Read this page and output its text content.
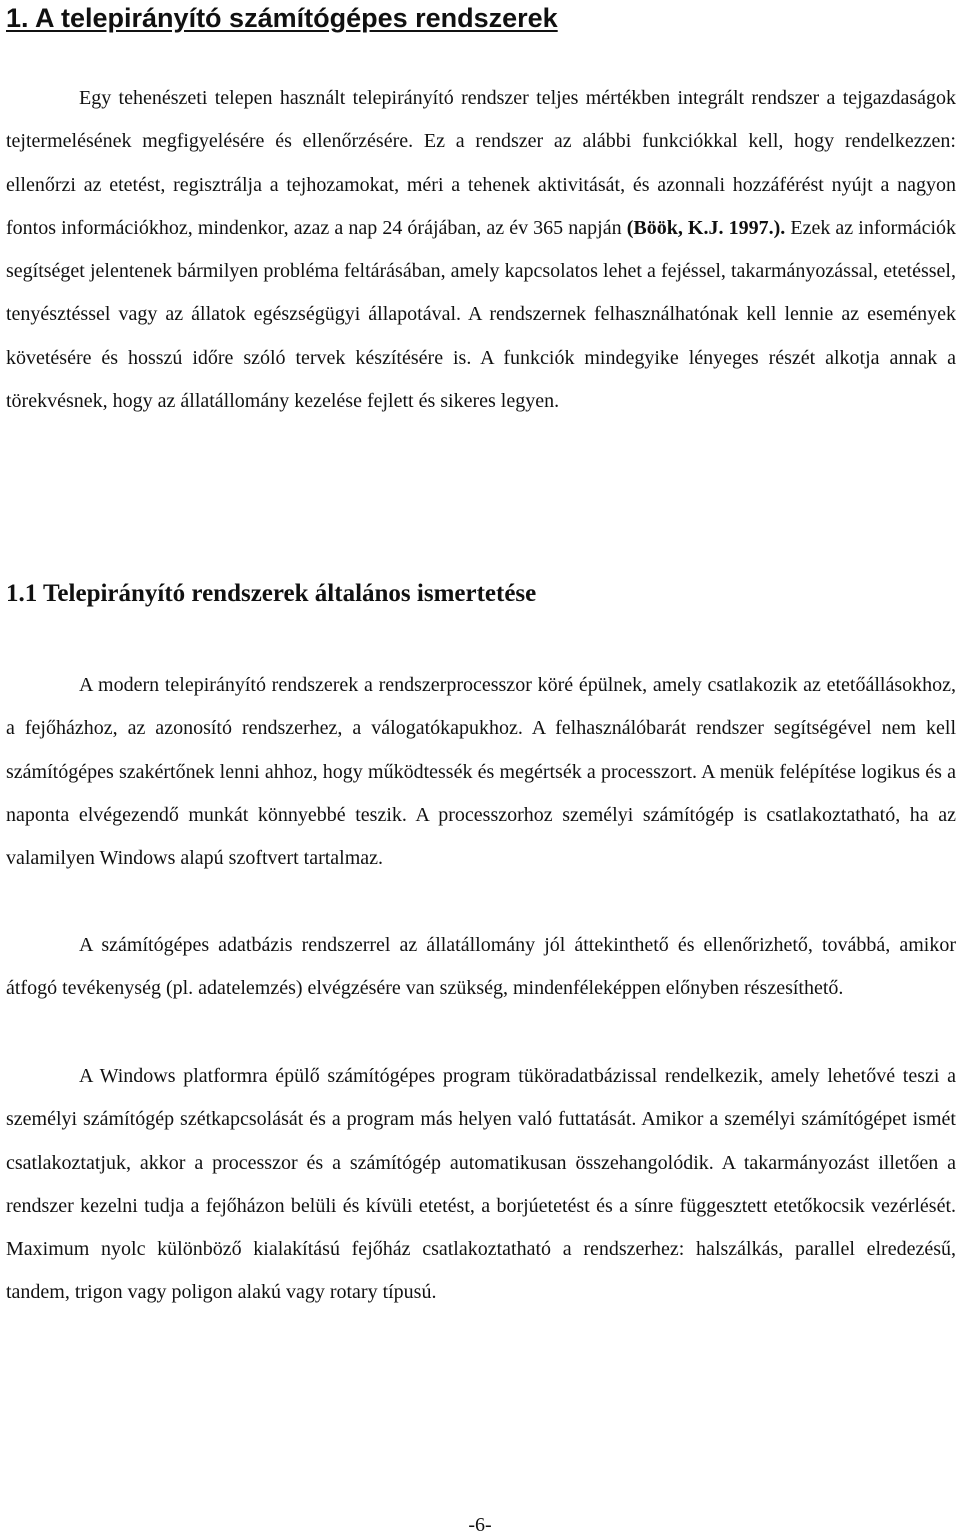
1. A telepirányító számítógépes rendszerek

Egy tehenészeti telepen használt telepirányító rendszer teljes mértékben integrált rendszer a tejgazdaságok tejtermelésének megfigyelésére és ellenőrzésére. Ez a rendszer az alábbi funkciókkal kell, hogy rendelkezzen: ellenőrzi az etetést, regisztrálja a tejhozamokat, méri a tehenek aktivitását, és azonnali hozzáférést nyújt a nagyon fontos információkhoz, mindenkor, azaz a nap 24 órájában, az év 365 napján (Böök, K.J. 1997.). Ezek az információk segítséget jelentenek bármilyen probléma feltárásában, amely kapcsolatos lehet a fejéssel, takarmányozással, etetéssel, tenyésztéssel vagy az állatok egészségügyi állapotával. A rendszernek felhasználhatónak kell lennie az események követésére és hosszú időre szóló tervek készítésére is. A funkciók mindegyike lényeges részét alkotja annak a törekvésnek, hogy az állatállomány kezelése fejlett és sikeres legyen.

1.1 Telepirányító rendszerek általános ismertetése

A modern telepirányító rendszerek a rendszerprocesszor köré épülnek, amely csatlakozik az etetőállásokhoz, a fejőházhoz, az azonosító rendszerhez, a válogatókapukhoz. A felhasználóbarát rendszer segítségével nem kell számítógépes szakértőnek lenni ahhoz, hogy működtessék és megértsék a processzort. A menük felépítése logikus és a naponta elvégezendő munkát könnyebbé teszik. A processzorhoz személyi számítógép is csatlakoztatható, ha az valamilyen Windows alapú szoftvert tartalmaz.

A számítógépes adatbázis rendszerrel az állatállomány jól áttekinthető és ellenőrizhető, továbbá, amikor átfogó tevékenység (pl. adatelemzés) elvégzésére van szükség, mindenféleképpen előnyben részesíthető.

A Windows platformra épülő számítógépes program tüköradatbázissal rendelkezik, amely lehetővé teszi a személyi számítógép szétkapcsolását és a program más helyen való futtatását. Amikor a személyi számítógépet ismét csatlakoztatjuk, akkor a processzor és a számítógép automatikusan összehangolódik. A takarmányozást illetően a rendszer kezelni tudja a fejőházon belüli és kívüli etetést, a borjúetetést és a sínre függesztett etetőkocsik vezérlését. Maximum nyolc különböző kialakítású fejőház csatlakoztatható a rendszerhez: halszálkás, parallel elredezésű, tandem, trigon vagy poligon alakú vagy rotary típusú.

-6-
